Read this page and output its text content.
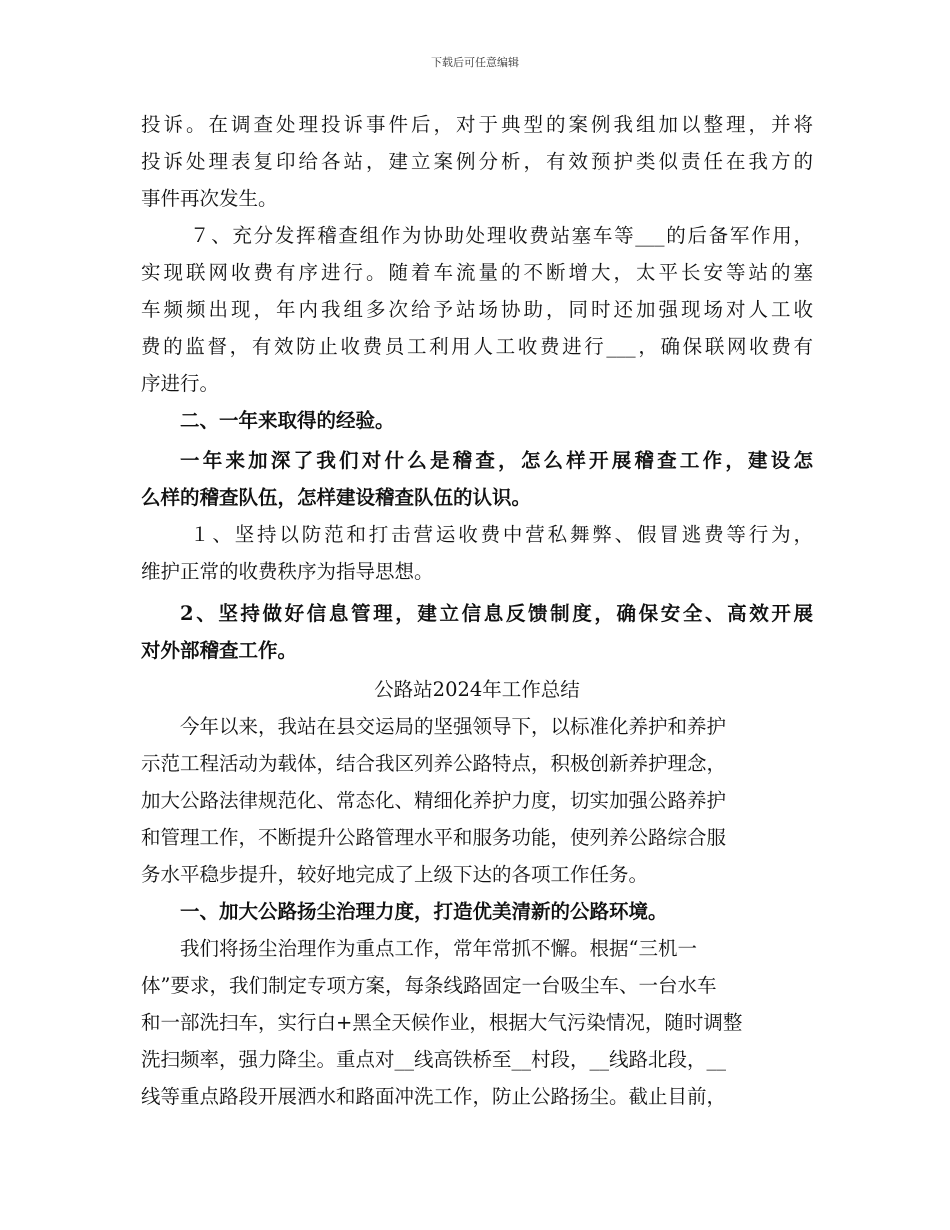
下载后可任意编辑
投诉。在调查处理投诉事件后，对于典型的案例我组加以整理，并将
投诉处理表复印给各站，建立案例分析，有效预护类似责任在我方的
事件再次发生。
７、充分发挥稽查组作为协助处理收费站塞车等___的后备军作用，
实现联网收费有序进行。随着车流量的不断增大，太平长安等站的塞
车频频出现，年内我组多次给予站场协助，同时还加强现场对人工收
费的监督，有效防止收费员工利用人工收费进行___，确保联网收费有
序进行。
二、一年来取得的经验。
一年来加深了我们对什么是稽查，怎么样开展稽查工作，建设怎
么样的稽查队伍，怎样建设稽查队伍的认识。
１、坚持以防范和打击营运收费中营私舞弊、假冒逃费等行为，
维护正常的收费秩序为指导思想。
2、坚持做好信息管理，建立信息反馈制度，确保安全、高效开展
对外部稽查工作。
公路站2024年工作总结
今年以来，我站在县交运局的坚强领导下，以标准化养护和养护
示范工程活动为载体，结合我区列养公路特点，积极创新养护理念，
加大公路法律规范化、常态化、精细化养护力度，切实加强公路养护
和管理工作，不断提升公路管理水平和服务功能，使列养公路综合服
务水平稳步提升，较好地完成了上级下达的各项工作任务。
一、加大公路扬尘治理力度，打造优美清新的公路环境。
我们将扬尘治理作为重点工作，常年常抓不懈。根据“三机一
体”要求，我们制定专项方案，每条线路固定一台吸尘车、一台水车
和一部洗扫车，实行白+黑全天候作业，根据大气污染情况，随时调整
洗扫频率，强力降尘。重点对__线高铁桥至__村段，__线路北段，__
线等重点路段开展洒水和路面冲洗工作，防止公路扬尘。截止目前，
